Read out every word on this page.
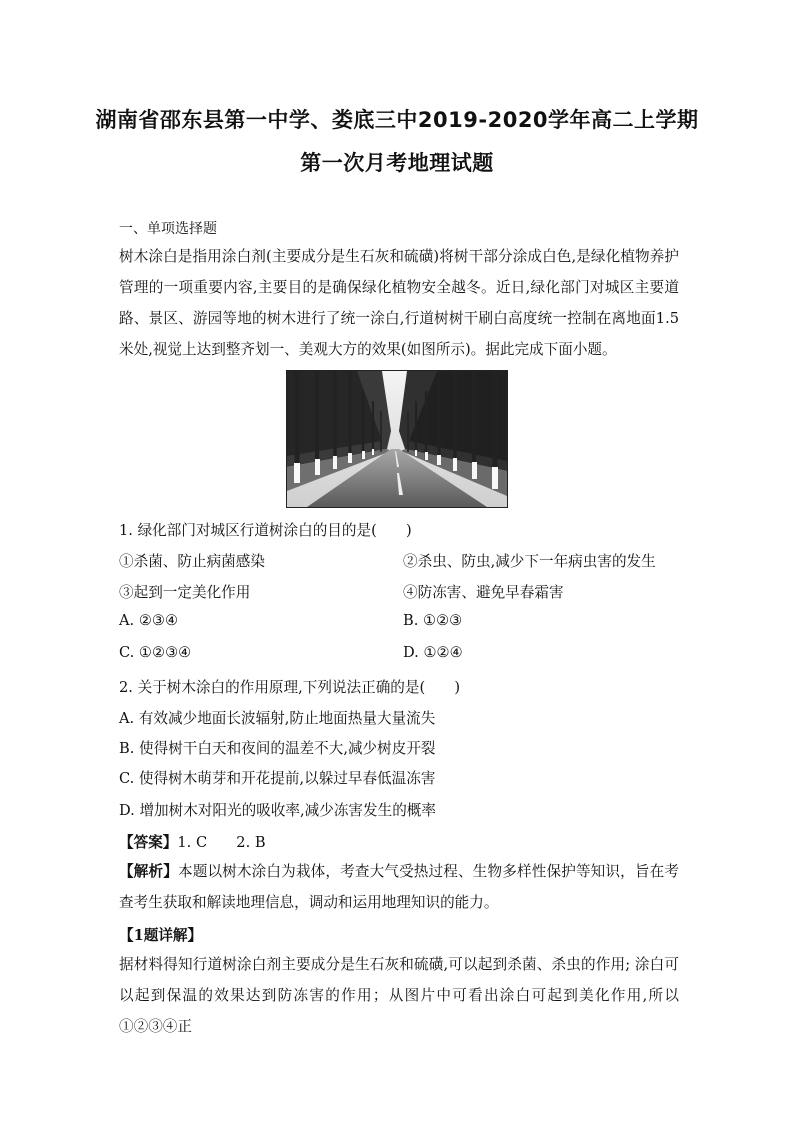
湖南省邵东县第一中学、娄底三中2019-2020学年高二上学期
第一次月考地理试题
一、单项选择题
树木涂白是指用涂白剂(主要成分是生石灰和硫磺)将树干部分涂成白色,是绿化植物养护管理的一项重要内容,主要目的是确保绿化植物安全越冬。近日,绿化部门对城区主要道路、景区、游园等地的树木进行了统一涂白,行道树树干刷白高度统一控制在离地面1.5米处,视觉上达到整齐划一、美观大方的效果(如图所示)。据此完成下面小题。
1. 绿化部门对城区行道树涂白的目的是(　　)
①杀菌、防止病菌感染	②杀虫、防虫,减少下一年病虫害的发生
③起到一定美化作用	④防冻害、避免早春霜害
A. ②③④	B. ①②③
C. ①②③④	D. ①②④
2. 关于树木涂白的作用原理,下列说法正确的是(　　)
A. 有效减少地面长波辐射,防止地面热量大量流失
B. 使得树干白天和夜间的温差不大,减少树皮开裂
C. 使得树木萌芽和开花提前,以躲过早春低温冻害
D. 增加树木对阳光的吸收率,减少冻害发生的概率
【答案】1. C　　2. B
【解析】本题以树木涂白为栽体，考查大气受热过程、生物多样性保护等知识，旨在考查考生获取和解读地理信息，调动和运用地理知识的能力。
【1题详解】
据材料得知行道树涂白剂主要成分是生石灰和硫磺,可以起到杀菌、杀虫的作用; 涂白可以起到保温的效果达到防冻害的作用；从图片中可看出涂白可起到美化作用,所以①②③④正
